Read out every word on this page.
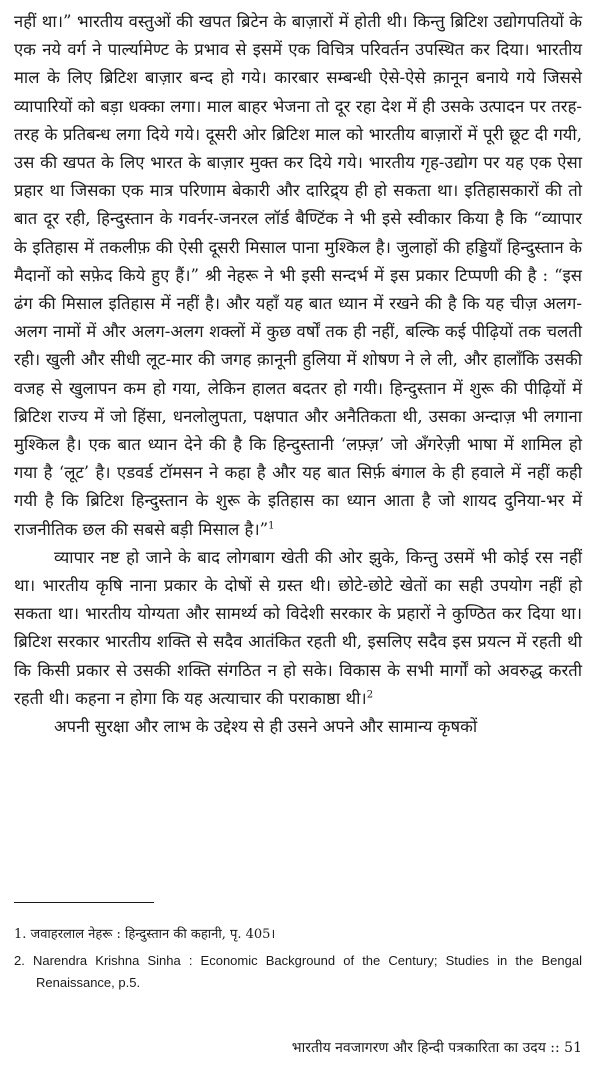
नहीं था।” भारतीय वस्तुओं की खपत ब्रिटेन के बाज़ारों में होती थी। किन्तु ब्रिटिश उद्योगपतियों के एक नये वर्ग ने पार्ल्यामेण्ट के प्रभाव से इसमें एक विचित्र परिवर्तन उपस्थित कर दिया। भारतीय माल के लिए ब्रिटिश बाज़ार बन्द हो गये। कारबार सम्बन्धी ऐसे-ऐसे क़ानून बनाये गये जिससे व्यापारियों को बड़ा धक्का लगा। माल बाहर भेजना तो दूर रहा देश में ही उसके उत्पादन पर तरह-तरह के प्रतिबन्ध लगा दिये गये। दूसरी ओर ब्रिटिश माल को भारतीय बाज़ारों में पूरी छूट दी गयी, उस की खपत के लिए भारत के बाज़ार मुक्त कर दिये गये। भारतीय गृह-उद्योग पर यह एक ऐसा प्रहार था जिसका एक मात्र परिणाम बेकारी और दारिद्र्य ही हो सकता था। इतिहासकारों की तो बात दूर रही, हिन्दुस्तान के गवर्नर-जनरल लॉर्ड बैण्टिंक ने भी इसे स्वीकार किया है कि “व्यापार के इतिहास में तकलीफ़ की ऐसी दूसरी मिसाल पाना मुश्किल है। जुलाहों की हड्डियाँ हिन्दुस्तान के मैदानों को सफ़ेद किये हुए हैं।” श्री नेहरू ने भी इसी सन्दर्भ में इस प्रकार टिप्पणी की है : “इस ढंग की मिसाल इतिहास में नहीं है। और यहाँ यह बात ध्यान में रखने की है कि यह चीज़ अलग-अलग नामों में और अलग-अलग शक्लों में कुछ वर्षों तक ही नहीं, बल्कि कई पीढ़ियों तक चलती रही। खुली और सीधी लूट-मार की जगह क़ानूनी हुलिया में शोषण ने ले ली, और हालाँकि उसकी वजह से खुलापन कम हो गया, लेकिन हालत बदतर हो गयी। हिन्दुस्तान में शुरू की पीढ़ियों में ब्रिटिश राज्य में जो हिंसा, धनलोलुपता, पक्षपात और अनैतिकता थी, उसका अन्दाज़ भी लगाना मुश्किल है। एक बात ध्यान देने की है कि हिन्दुस्तानी ‘लफ़्ज़’ जो अँगरेज़ी भाषा में शामिल हो गया है ‘लूट’ है। एडवर्ड टॉमसन ने कहा है और यह बात सिर्फ़ बंगाल के ही हवाले में नहीं कही गयी है कि ब्रिटिश हिन्दुस्तान के शुरू के इतिहास का ध्यान आता है जो शायद दुनिया-भर में राजनीतिक छल की सबसे बड़ी मिसाल है।”$^1$

व्यापार नष्ट हो जाने के बाद लोगबाग खेती की ओर झुके, किन्तु उसमें भी कोई रस नहीं था। भारतीय कृषि नाना प्रकार के दोषों से ग्रस्त थी। छोटे-छोटे खेतों का सही उपयोग नहीं हो सकता था। भारतीय योग्यता और सामर्थ्य को विदेशी सरकार के प्रहारों ने कुण्ठित कर दिया था। ब्रिटिश सरकार भारतीय शक्ति से सदैव आतंकित रहती थी, इसलिए सदैव इस प्रयत्न में रहती थी कि किसी प्रकार से उसकी शक्ति संगठित न हो सके। विकास के सभी मार्गों को अवरुद्ध करती रहती थी। कहना न होगा कि यह अत्याचार की पराकाष्ठा थी।$^2$

अपनी सुरक्षा और लाभ के उद्देश्य से ही उसने अपने और सामान्य कृषकों

1. जवाहरलाल नेहरू : हिन्दुस्तान की कहानी, पृ. 405।

2. Narendra Krishna Sinha : Economic Background of the Century; Studies in the Bengal Renaissance, p.5.

भारतीय नवजागरण और हिन्दी पत्रकारिता का उदय :: 51
